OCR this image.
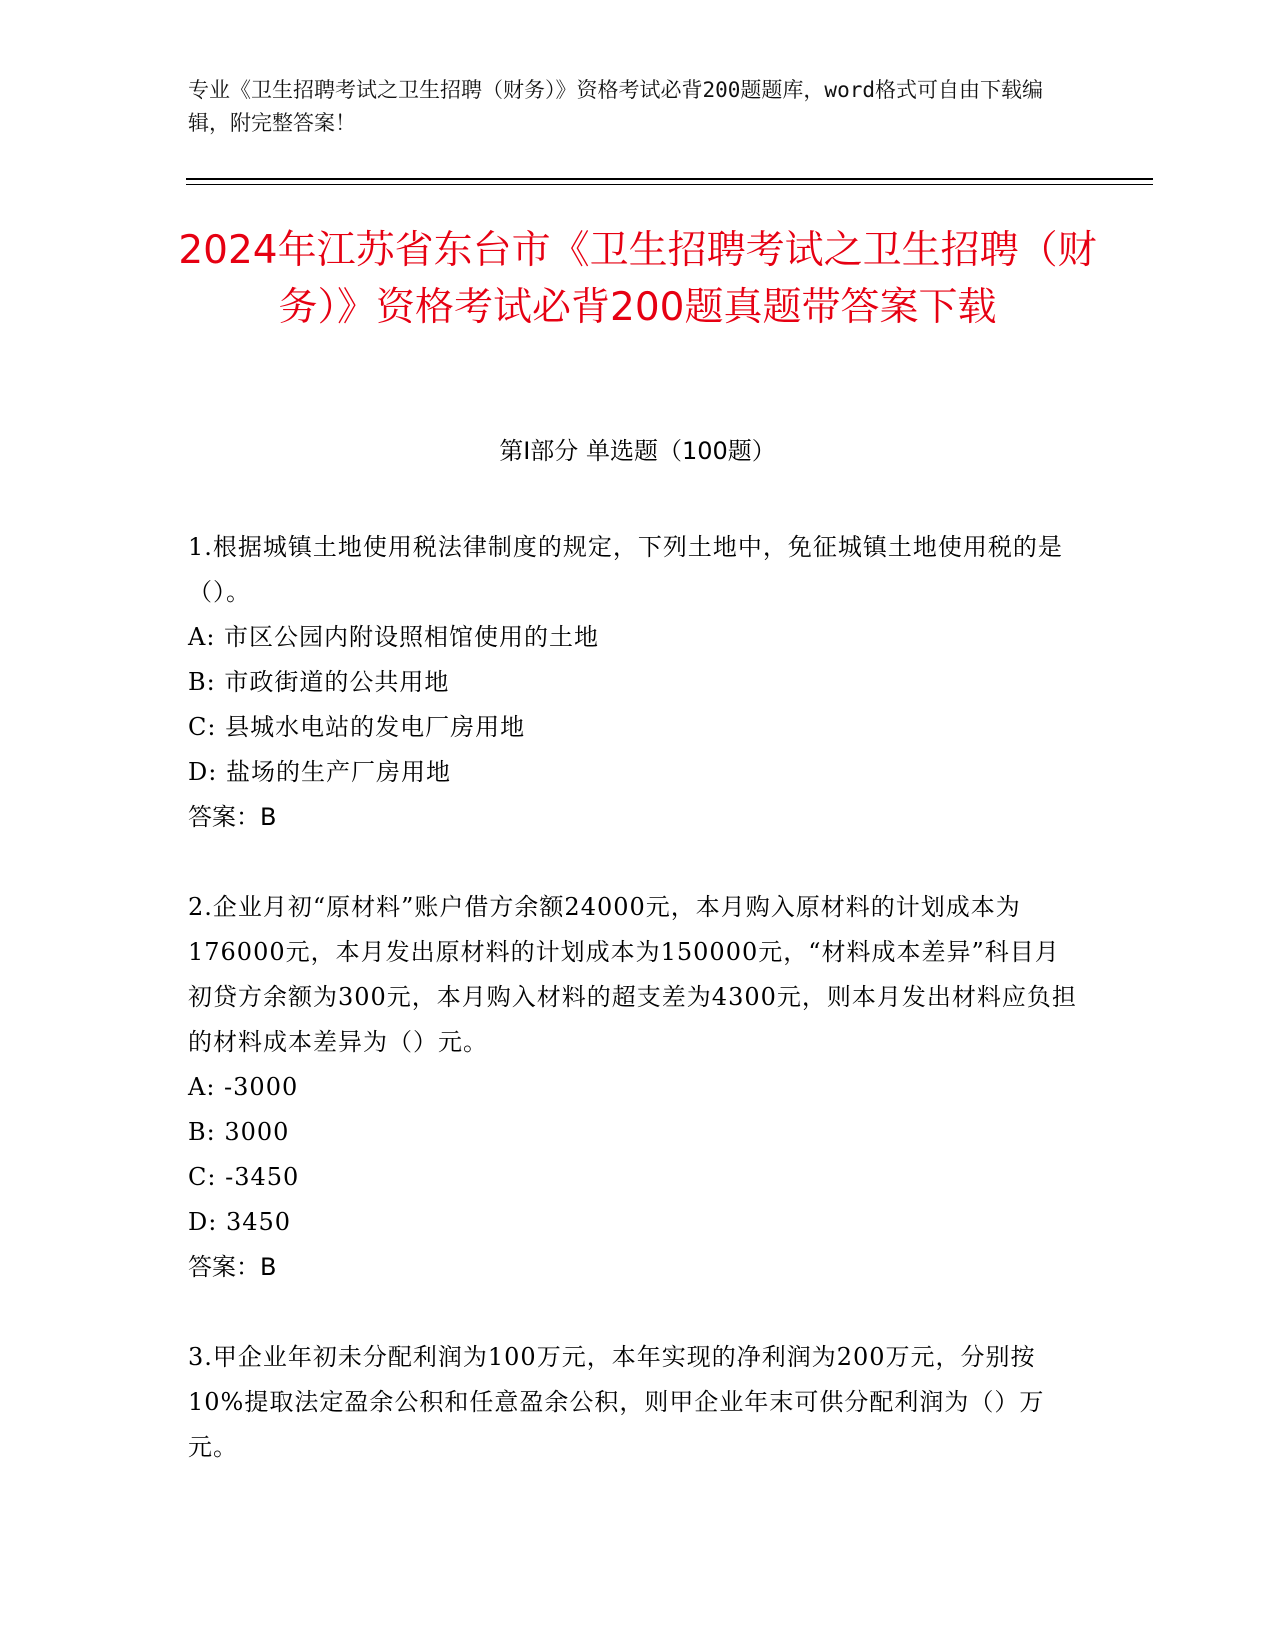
专业《卫生招聘考试之卫生招聘（财务）》资格考试必背200题题库，word格式可自由下载编辑，附完整答案！
2024年江苏省东台市《卫生招聘考试之卫生招聘（财务）》资格考试必背200题真题带答案下载
第I部分 单选题（100题）

1.根据城镇土地使用税法律制度的规定，下列土地中，免征城镇土地使用税的是（）。

A: 市区公园内附设照相馆使用的土地

B: 市政街道的公共用地

C: 县城水电站的发电厂房用地

D: 盐场的生产厂房用地

答案：B

2.企业月初“原材料”账户借方余额24000元，本月购入原材料的计划成本为176000元，本月发出原材料的计划成本为150000元，“材料成本差异”科目月初贷方余额为300元，本月购入材料的超支差为4300元，则本月发出材料应负担的材料成本差异为（）元。

A: -3000

B: 3000

C: -3450

D: 3450

答案：B

3.甲企业年初未分配利润为100万元，本年实现的净利润为200万元，分别按10%提取法定盈余公积和任意盈余公积，则甲企业年末可供分配利润为（）万元。
